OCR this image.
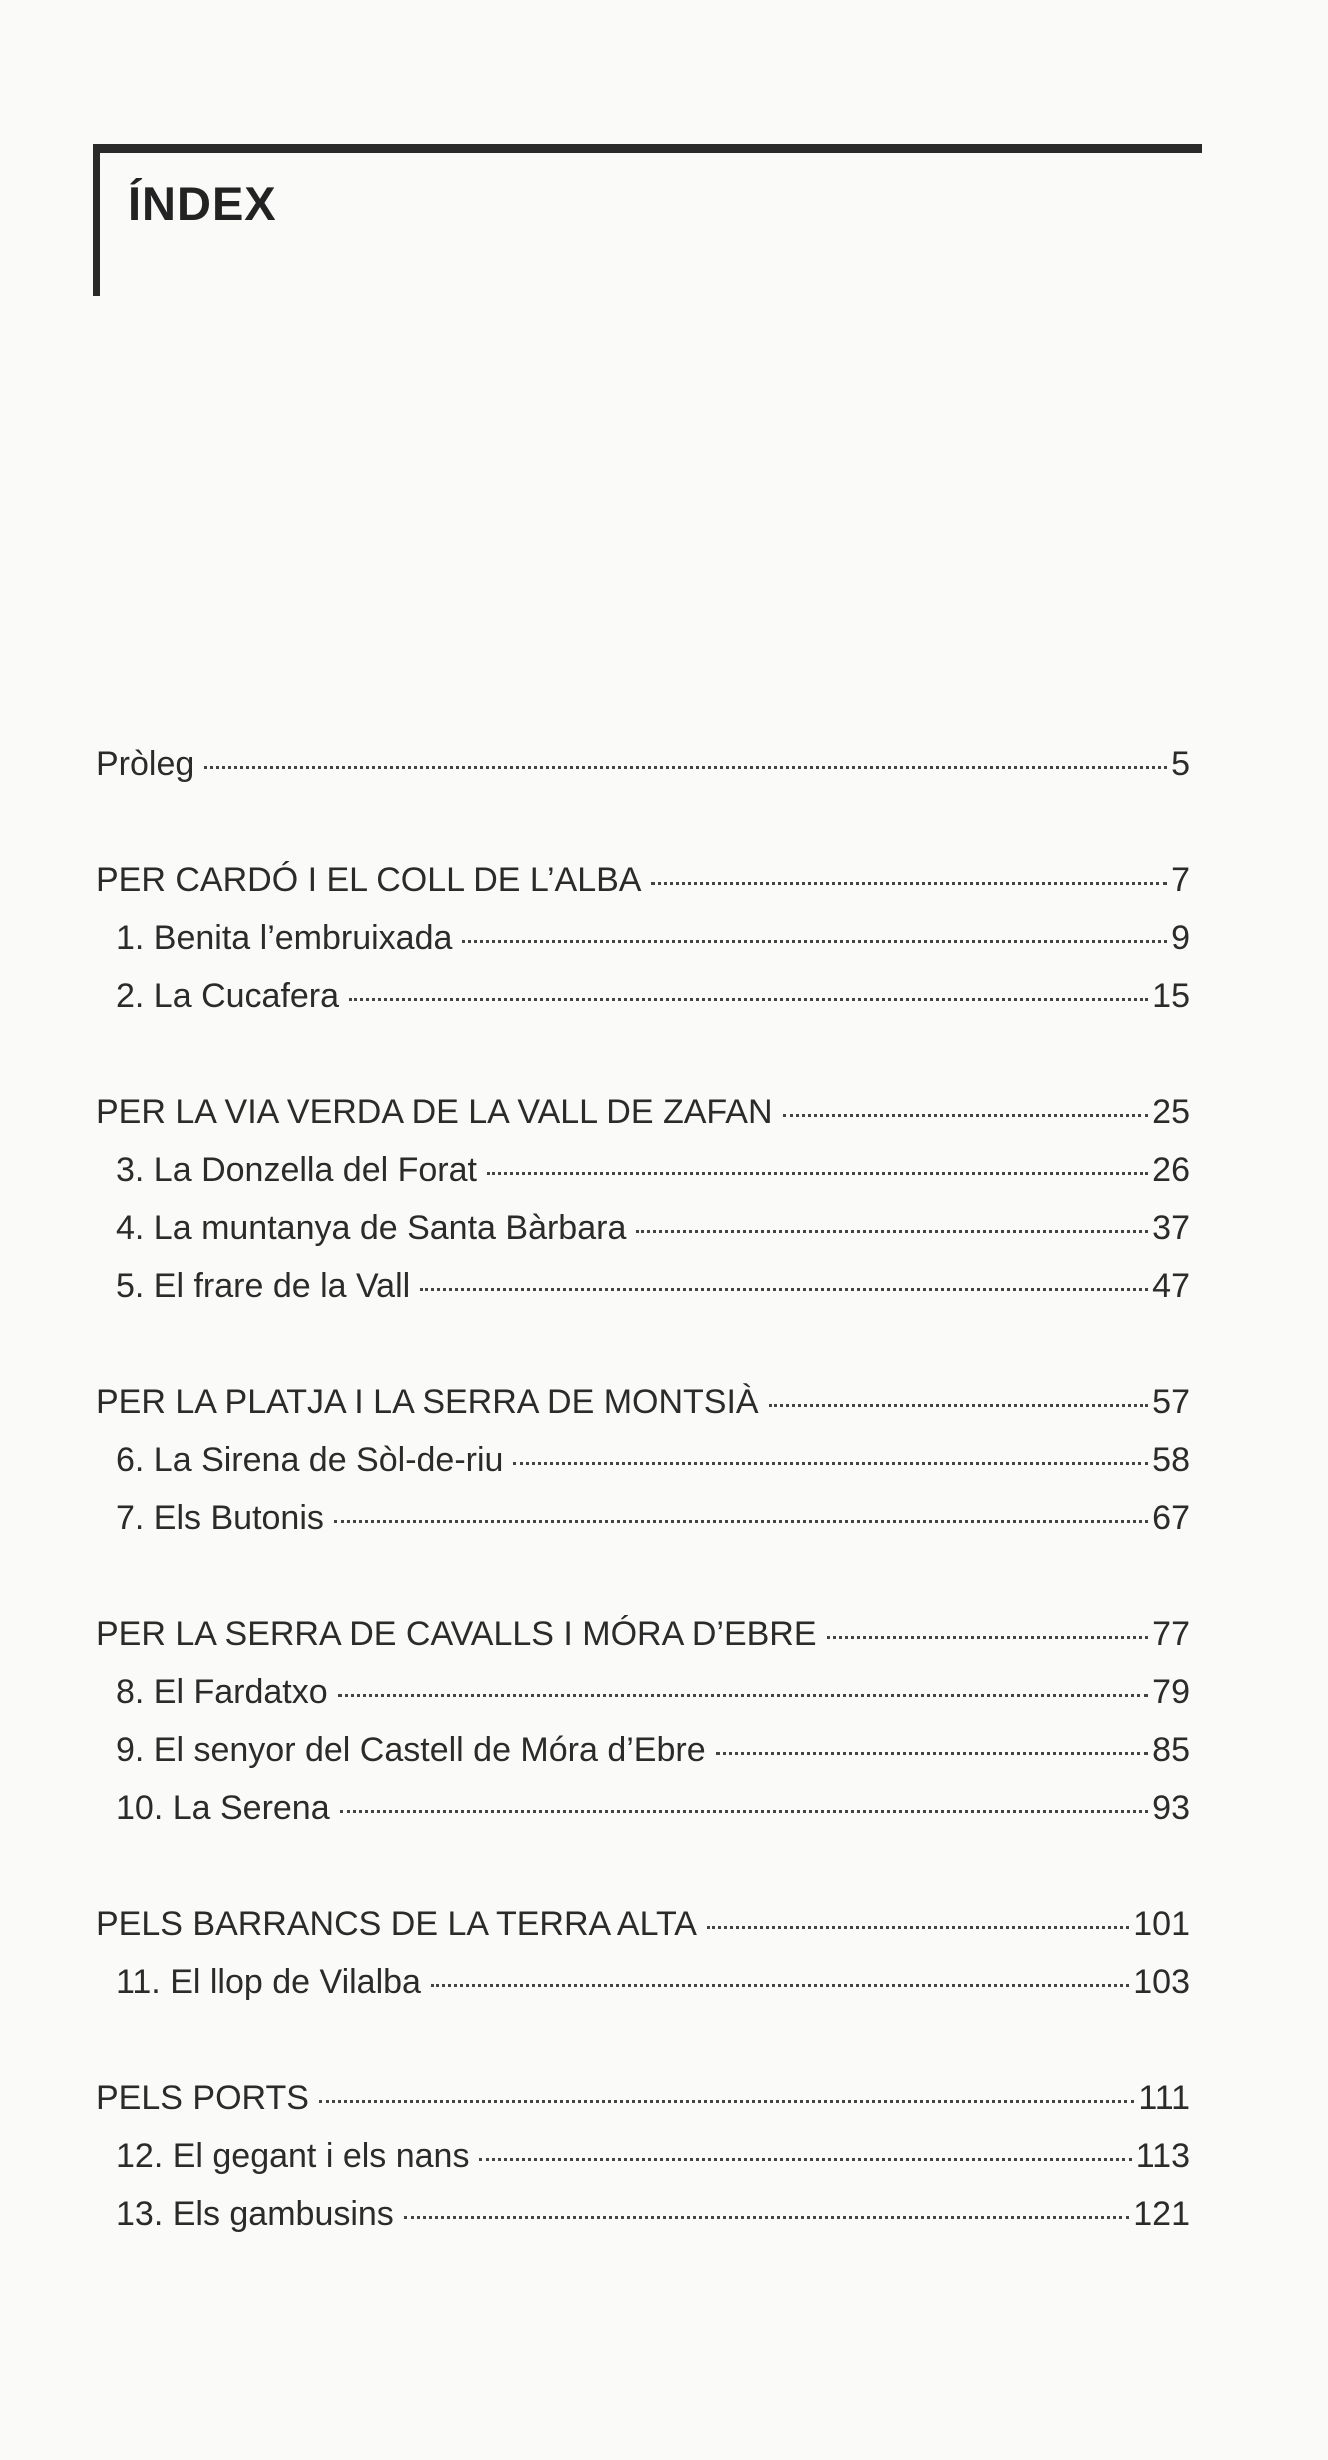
ÍNDEX
Pròleg	5
PER CARDÓ I EL COLL DE L’ALBA	7
1. Benita l’embruixada	9
2. La Cucafera	15
PER LA VIA VERDA DE LA VALL DE ZAFAN	25
3. La Donzella del Forat	26
4. La muntanya de Santa Bàrbara	37
5. El frare de la Vall	47
PER LA PLATJA I LA SERRA DE MONTSIÀ	57
6. La Sirena de Sòl-de-riu	58
7. Els Butonis	67
PER LA SERRA DE CAVALLS I MÓRA D’EBRE	77
8. El Fardatxo	79
9. El senyor del Castell de Móra d’Ebre	85
10. La Serena	93
PELS BARRANCS DE LA TERRA ALTA	101
11. El llop de Vilalba	103
PELS PORTS	111
12. El gegant i els nans	113
13. Els gambusins	121
